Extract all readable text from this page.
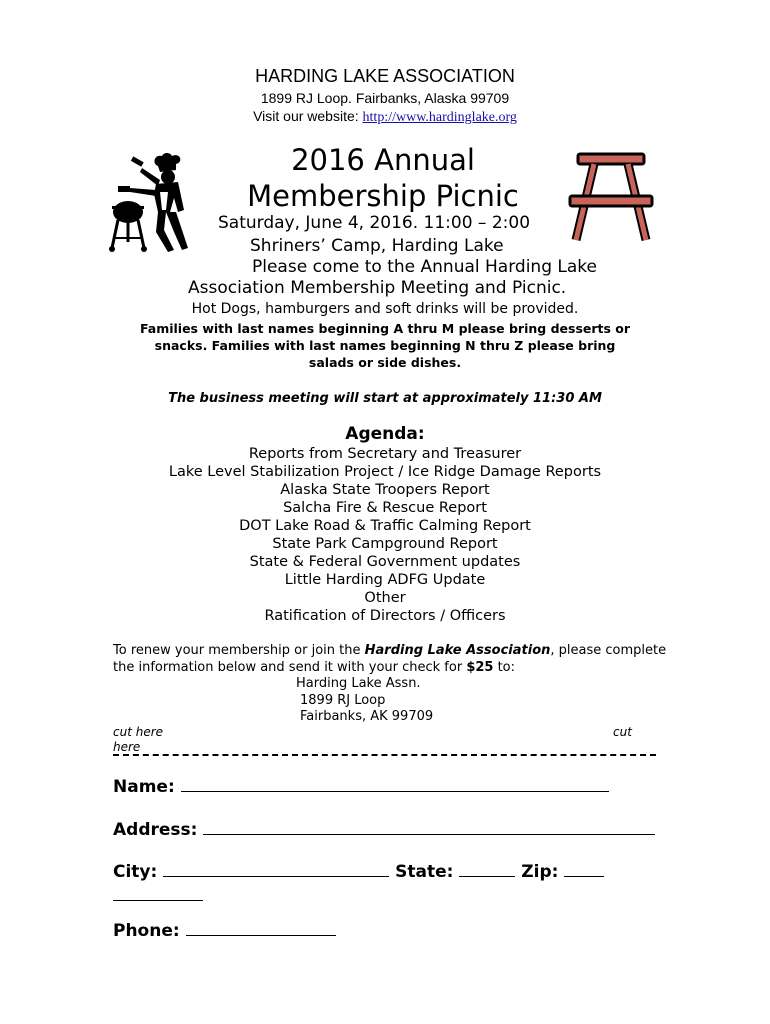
HARDING LAKE ASSOCIATION
1899 RJ Loop. Fairbanks, Alaska 99709
Visit our website: http://www.hardinglake.org
2016 Annual
Membership Picnic
Saturday, June 4, 2016. 11:00 – 2:00
Shriners’ Camp, Harding Lake
Please come to the Annual Harding Lake
Association Membership Meeting and Picnic.
Hot Dogs, hamburgers and soft drinks will be provided.
Families with last names beginning A thru M please bring desserts or
snacks. Families with last names beginning N thru Z please bring
salads or side dishes.
The business meeting will start at approximately 11:30 AM
Agenda:
Reports from Secretary and Treasurer
Lake Level Stabilization Project / Ice Ridge Damage Reports
Alaska State Troopers Report
Salcha Fire & Rescue Report
DOT Lake Road & Traffic Calming Report
State Park Campground Report
State & Federal Government updates
Little Harding ADFG Update
Other
Ratification of Directors / Officers
To renew your membership or join the Harding Lake Association, please complete the information below and send it with your check for $25 to:
Harding Lake Assn.
1899 RJ Loop
Fairbanks, AK 99709
cut here
here
cut
Name:
Address:
City:	State:	Zip:
Phone:
